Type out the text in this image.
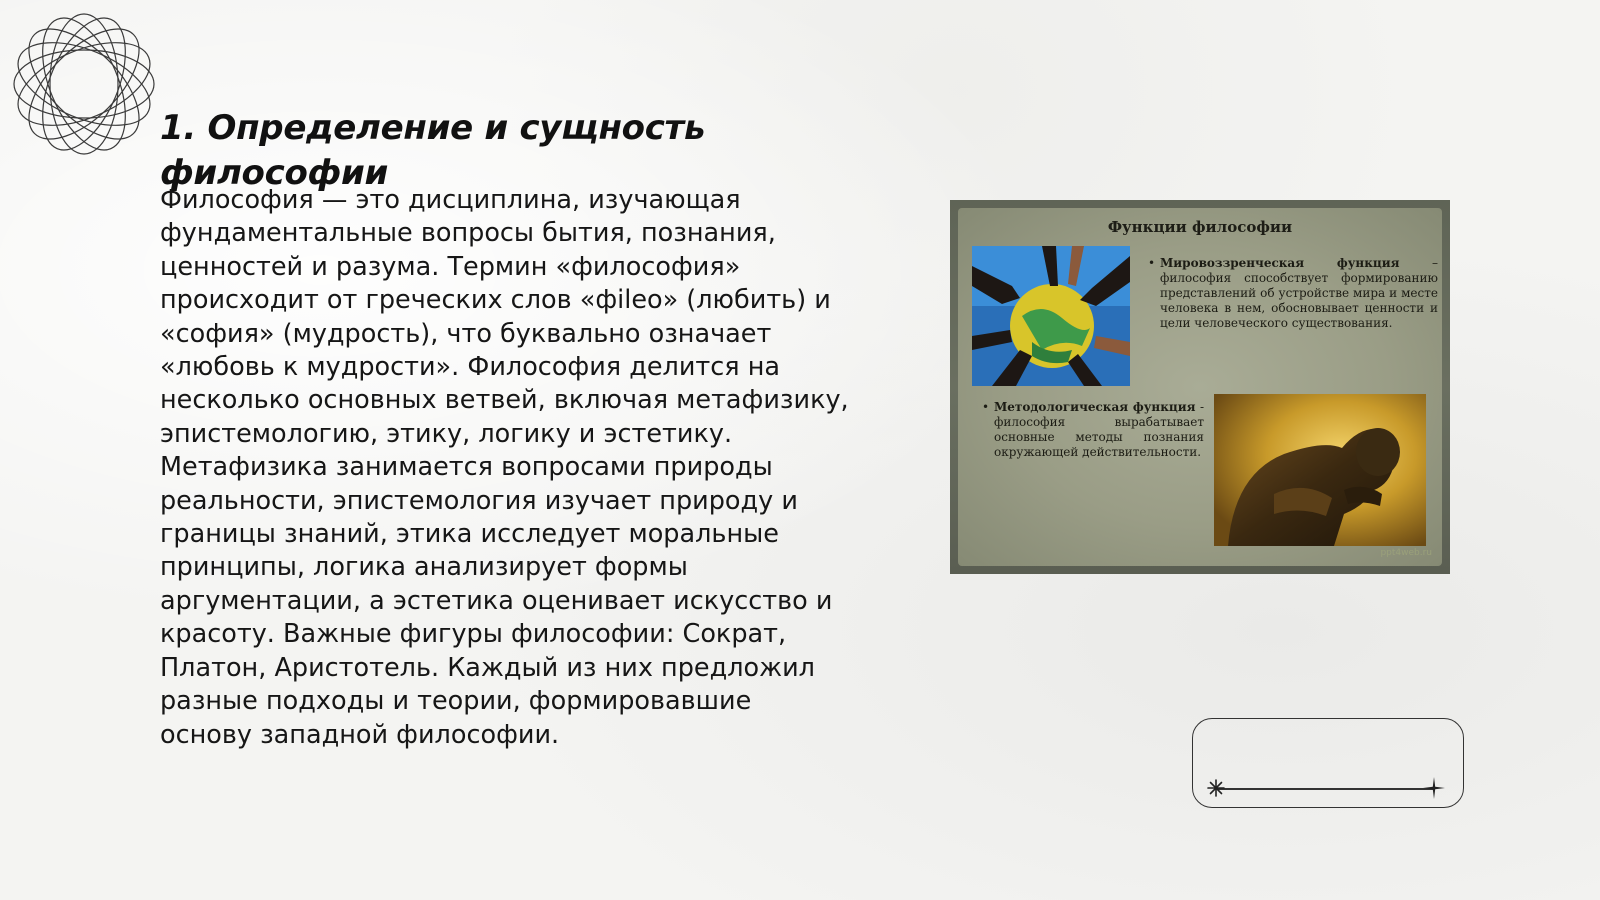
1. Определение и сущность философии

Философия — это дисциплина, изучающая фундаментальные вопросы бытия, познания, ценностей и разума. Термин «философия» происходит от греческих слов «фileo» (любить) и «софия» (мудрость), что буквально означает «любовь к мудрости». Философия делится на несколько основных ветвей, включая метафизику, эпистемологию, этику, логику и эстетику. Метафизика занимается вопросами природы реальности, эпистемология изучает природу и границы знаний, этика исследует моральные принципы, логика анализирует формы аргументации, а эстетика оценивает искусство и красоту. Важные фигуры философии: Сократ, Платон, Аристотель. Каждый из них предложил разные подходы и теории, формировавшие основу западной философии.

Функции философии
• Мировоззренческая функция – философия способствует формированию представлений об устройстве мира и месте человека в нем, обосновывает ценности и цели человеческого существования.
• Методологическая функция - философия вырабатывает основные методы познания окружающей действительности.
ppt4web.ru
